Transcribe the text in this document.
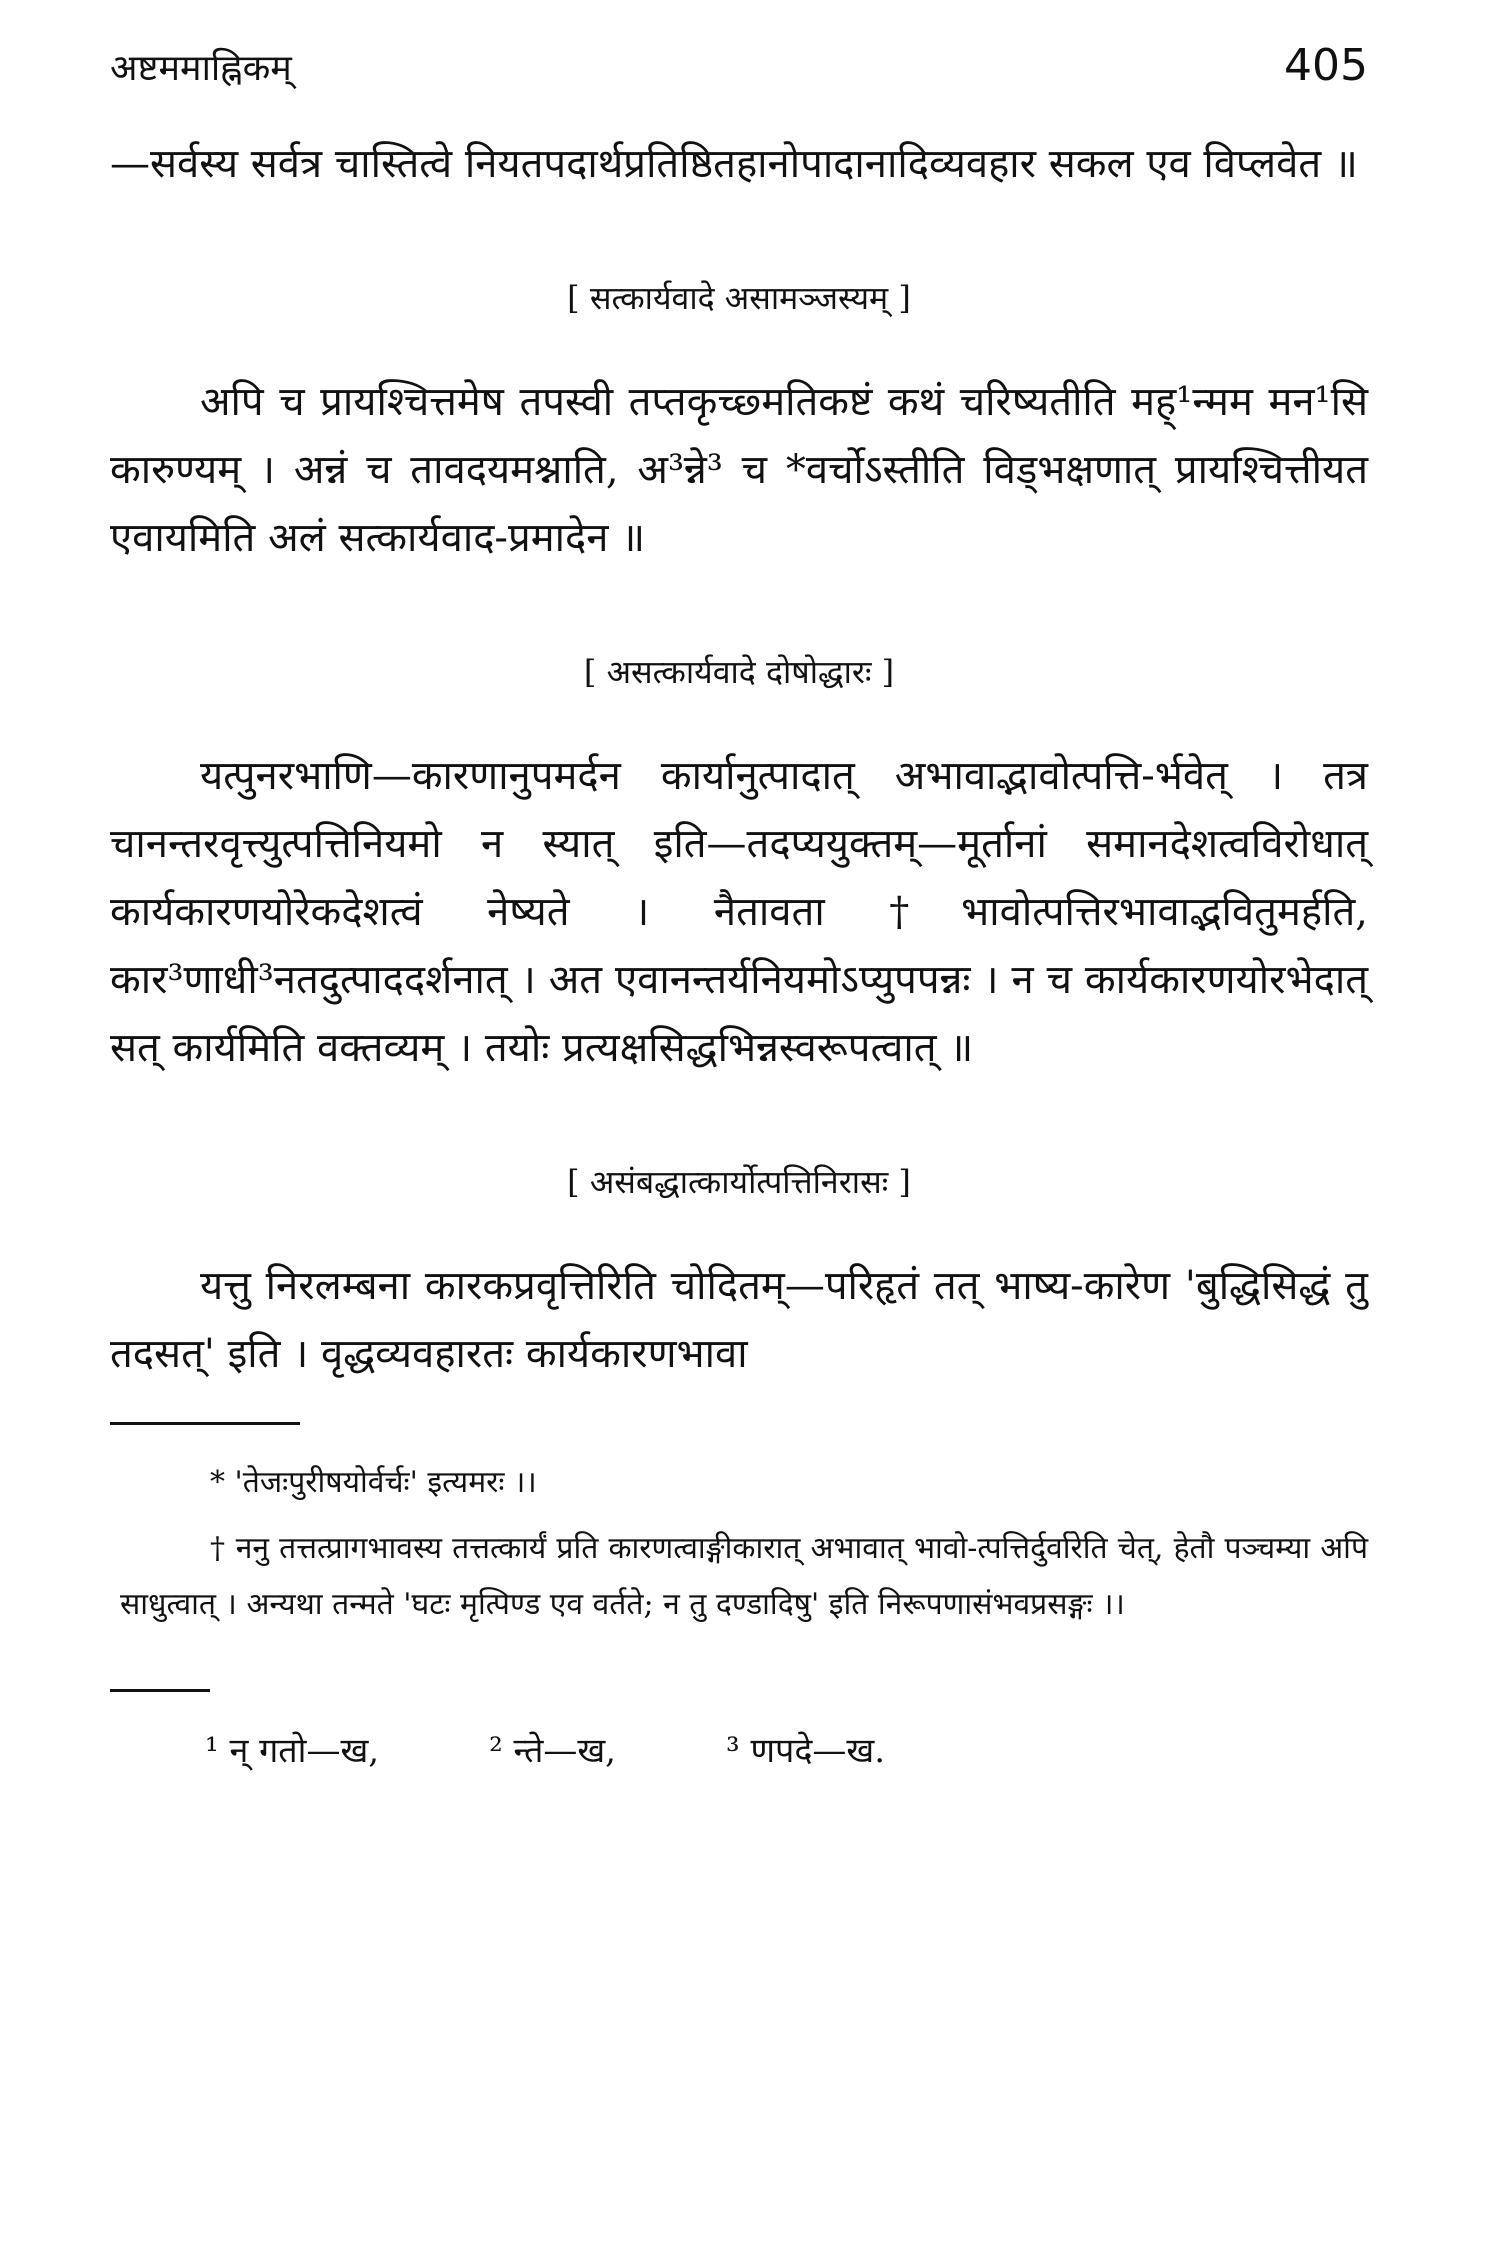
अष्टममाह्निकम्	405

—सर्वस्य सर्वत्र चास्तित्वे नियतपदार्थप्रतिष्ठितहानोपादानादिव्यवहार सकल एव विप्लवेत ॥

[ सत्कार्यवादे असामञ्जस्यम् ]

अपि च प्रायश्चित्तमेष तपस्वी तप्तकृच्छ्मतिकष्टं कथं चरिष्यतीति मह्¹न्मम मन¹सि कारुण्यम् । अन्नं च तावदयमश्नाति, अ³न्ने³ च *वर्चोऽस्तीति विड्भक्षणात् प्रायश्चित्तीयत एवायमिति अलं सत्कार्यवाद-प्रमादेन ॥

[ असत्कार्यवादे दोषोद्धारः ]

यत्पुनरभाणि—कारणानुपमर्दन कार्यानुत्पादात् अभावाद्भावोत्पत्ति-र्भवेत् । तत्र चानन्तरवृत्त्युत्पत्तिनियमो न स्यात् इति—तदप्ययुक्तम्—मूर्तानां समानदेशत्वविरोधात् कार्यकारणयोरेकदेशत्वं नेष्यते । नैतावता †भावोत्पत्तिरभावाद्भवितुमर्हति, कार³णाधी³नतदुत्पाददर्शनात् । अत एवानन्तर्यनियमोऽप्युपपन्नः । न च कार्यकारणयोरभेदात् सत् कार्यमिति वक्तव्यम् । तयोः प्रत्यक्षसिद्धभिन्नस्वरूपत्वात् ॥

[ असंबद्धात्कार्योत्पत्तिनिरासः ]

यत्तु निरलम्बना कारकप्रवृत्तिरिति चोदितम्—परिहृतं तत् भाष्य-कारेण 'बुद्धिसिद्धं तु तदसत्' इति । वृद्धव्यवहारतः कार्यकारणभावा

* 'तेजःपुरीषयोर्वर्चः' इत्यमरः ।।

† ननु तत्तत्प्रागभावस्य तत्तत्कार्यं प्रति कारणत्वाङ्गीकारात् अभावात् भावो-त्पत्तिर्दुर्वारेति चेत्, हेतौ पञ्चम्या अपि साधुत्वात् । अन्यथा तन्मते 'घटः मृत्पिण्ड एव वर्तते; न तु दण्डादिषु' इति निरूपणासंभवप्रसङ्गः ।।

¹ न् गतो—ख,	² न्ते—ख,	³ णपदे—ख.
